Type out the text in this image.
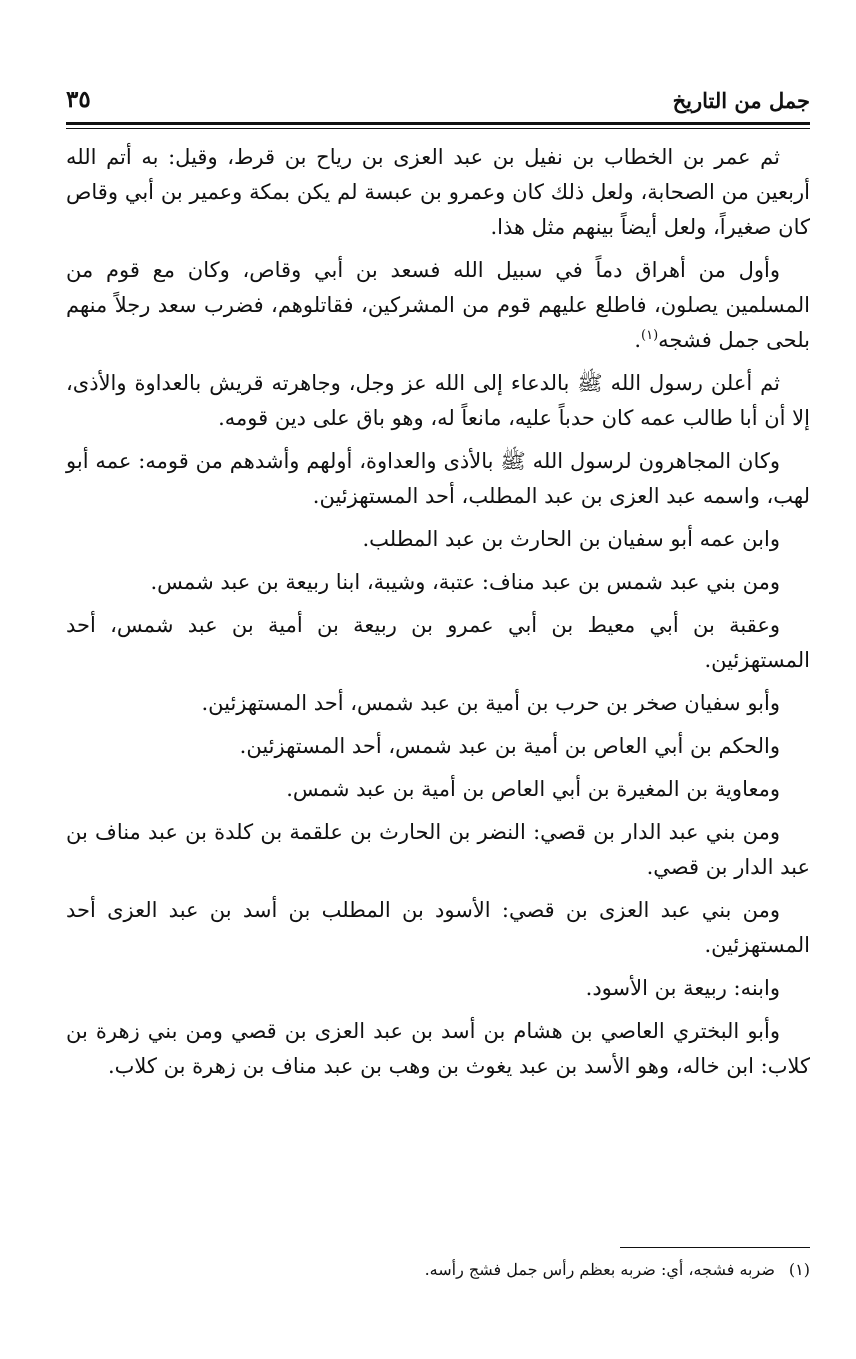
جمل من التاريخ
٣٥

ثم عمر بن الخطاب بن نفيل بن عبد العزى بن رياح بن قرط، وقيل: به أتم الله أربعين من الصحابة، ولعل ذلك كان وعمرو بن عبسة لم يكن بمكة وعمير بن أبي وقاص كان صغيراً، ولعل أيضاً بينهم مثل هذا.

وأول من أهراق دماً في سبيل الله فسعد بن أبي وقاص، وكان مع قوم من المسلمين يصلون، فاطلع عليهم قوم من المشركين، فقاتلوهم، فضرب سعد رجلاً منهم بلحى جمل فشجه$^{(١)}$.

ثم أعلن رسول الله ﷺ بالدعاء إلى الله عز وجل، وجاهرته قريش بالعداوة والأذى، إلا أن أبا طالب عمه كان حدباً عليه، مانعاً له، وهو باق على دين قومه.

وكان المجاهرون لرسول الله ﷺ بالأذى والعداوة، أولهم وأشدهم من قومه: عمه أبو لهب، واسمه عبد العزى بن عبد المطلب، أحد المستهزئين.

وابن عمه أبو سفيان بن الحارث بن عبد المطلب.

ومن بني عبد شمس بن عبد مناف: عتبة، وشيبة، ابنا ربيعة بن عبد شمس.

وعقبة بن أبي معيط بن أبي عمرو بن ربيعة بن أمية بن عبد شمس، أحد المستهزئين.

وأبو سفيان صخر بن حرب بن أمية بن عبد شمس، أحد المستهزئين.

والحكم بن أبي العاص بن أمية بن عبد شمس، أحد المستهزئين.

ومعاوية بن المغيرة بن أبي العاص بن أمية بن عبد شمس.

ومن بني عبد الدار بن قصي: النضر بن الحارث بن علقمة بن كلدة بن عبد مناف بن عبد الدار بن قصي.

ومن بني عبد العزى بن قصي: الأسود بن المطلب بن أسد بن عبد العزى أحد المستهزئين.

وابنه: ربيعة بن الأسود.

وأبو البختري العاصي بن هشام بن أسد بن عبد العزى بن قصي ومن بني زهرة بن كلاب: ابن خاله، وهو الأسد بن عبد يغوث بن وهب بن عبد مناف بن زهرة بن كلاب.

(١)ضربه فشجه، أي: ضربه بعظم رأس جمل فشج رأسه.
